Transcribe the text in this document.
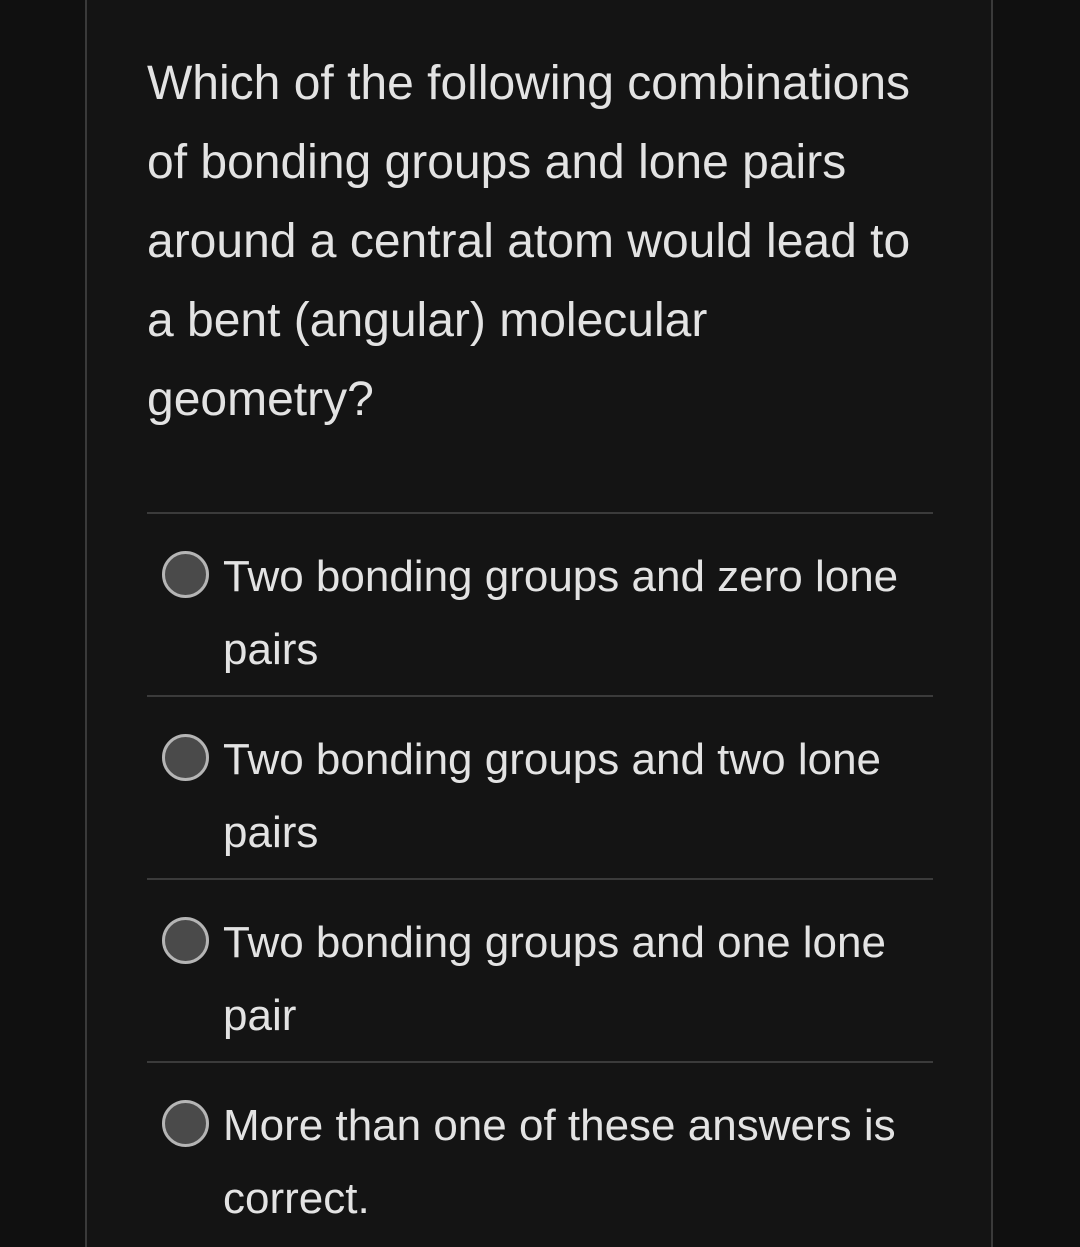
Which of the following combinations of bonding groups and lone pairs around a central atom would lead to a bent (angular) molecular geometry?

Two bonding groups and zero lone pairs
Two bonding groups and two lone pairs
Two bonding groups and one lone pair
More than one of these answers is correct.
